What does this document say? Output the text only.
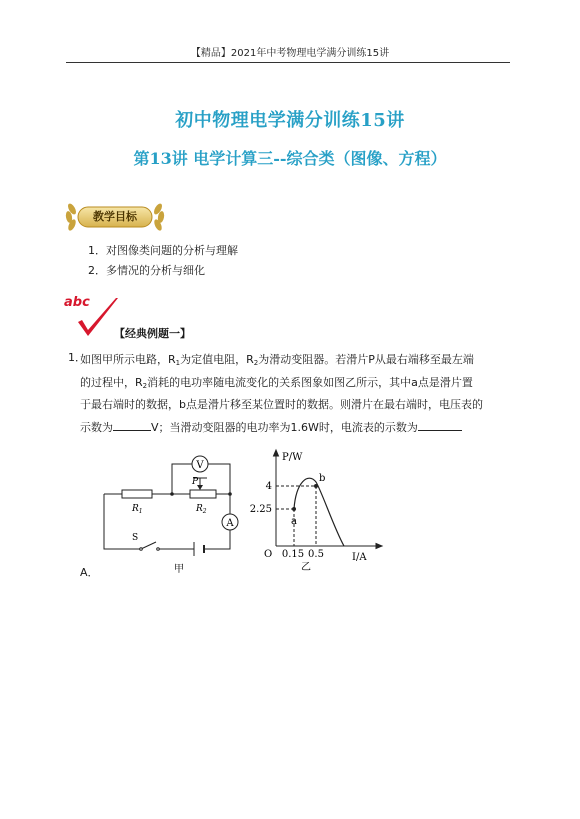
【精品】2021年中考物理电学满分训练15讲
初中物理电学满分训练15讲
第13讲 电学计算三--综合类（图像、方程）
教学目标
1．对图像类问题的分析与理解
2．多情况的分析与细化
abc
【经典例题一】
1．
如图甲所示电路，$R_1$为定值电阻，$R_2$为滑动变阻器。若滑片P从最右端移至最左端
的过程中，$R_2$消耗的电功率随电流变化的关系图象如图乙所示，其中a点是滑片置
于最右端时的数据，b点是滑片移至某位置时的数据。则滑片在最右端时，电压表的
示数为	V；当滑动变阻器的电功率为1.6W时，电流表的示数为
V
A
$R_1$	$R_2$
P
S
甲
P/W
I/A
O
4
2.25
0.15 0.5
a
b
乙
A．
